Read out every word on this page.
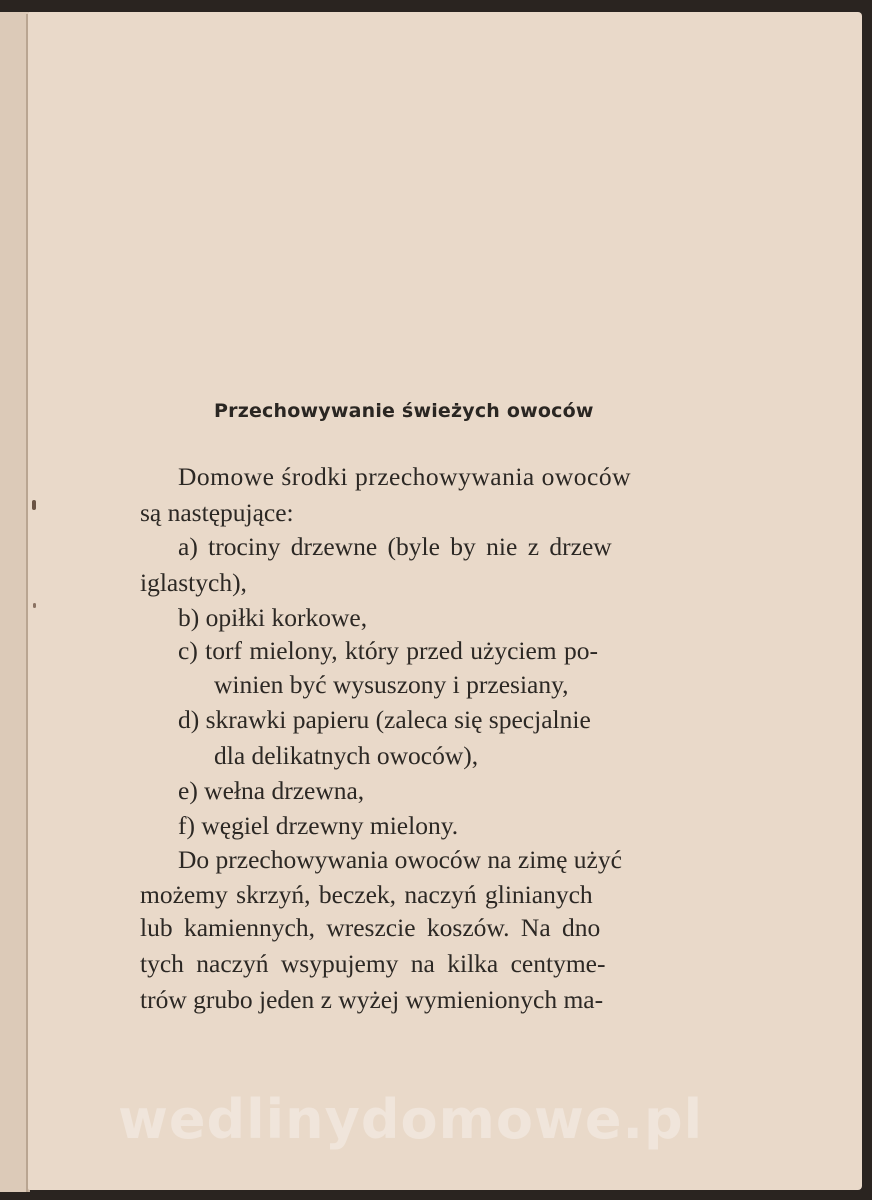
Przechowywanie świeżych owoców
Domowe środki przechowywania owoców
są następujące:
a) trociny drzewne (byle by nie z drzew
iglastych),
b) opiłki korkowe,
c) torf mielony, który przed użyciem po-
winien być wysuszony i przesiany,
d) skrawki papieru (zaleca się specjalnie
dla delikatnych owoców),
e) wełna drzewna,
f) węgiel drzewny mielony.
Do przechowywania owoców na zimę użyć
możemy skrzyń, beczek, naczyń glinianych
lub kamiennych, wreszcie koszów. Na dno
tych naczyń wsypujemy na kilka centyme-
trów grubo jeden z wyżej wymienionych ma-
wedlinydomowe.pl
